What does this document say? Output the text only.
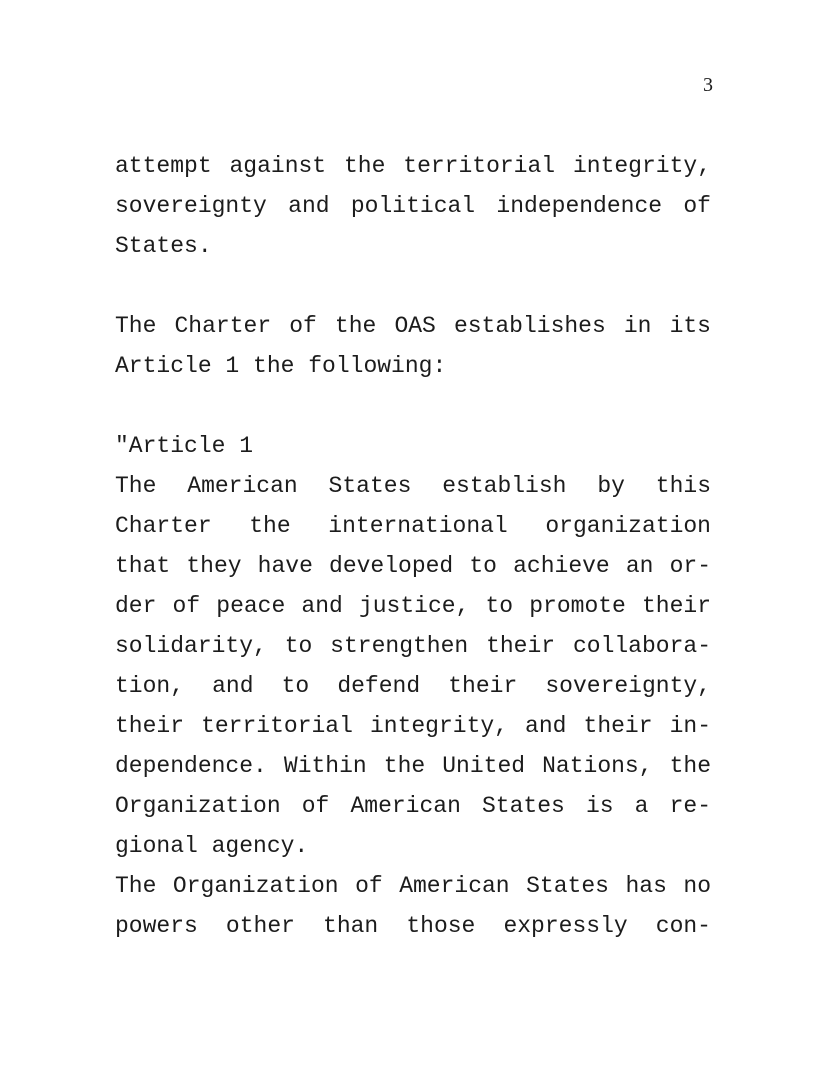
3
attempt against the territorial integrity,
sovereignty and political independence of
States.
The Charter of the OAS establishes in its
Article 1 the following:
"Article 1
The American States establish by this
Charter the international organization
that they have developed to achieve an or-
der of peace and justice, to promote their
solidarity, to strengthen their collabora-
tion, and to defend their sovereignty,
their territorial integrity, and their in-
dependence. Within the United Nations, the
Organization of American States is a re-
gional agency.
The Organization of American States has no
powers other than those expressly con-
